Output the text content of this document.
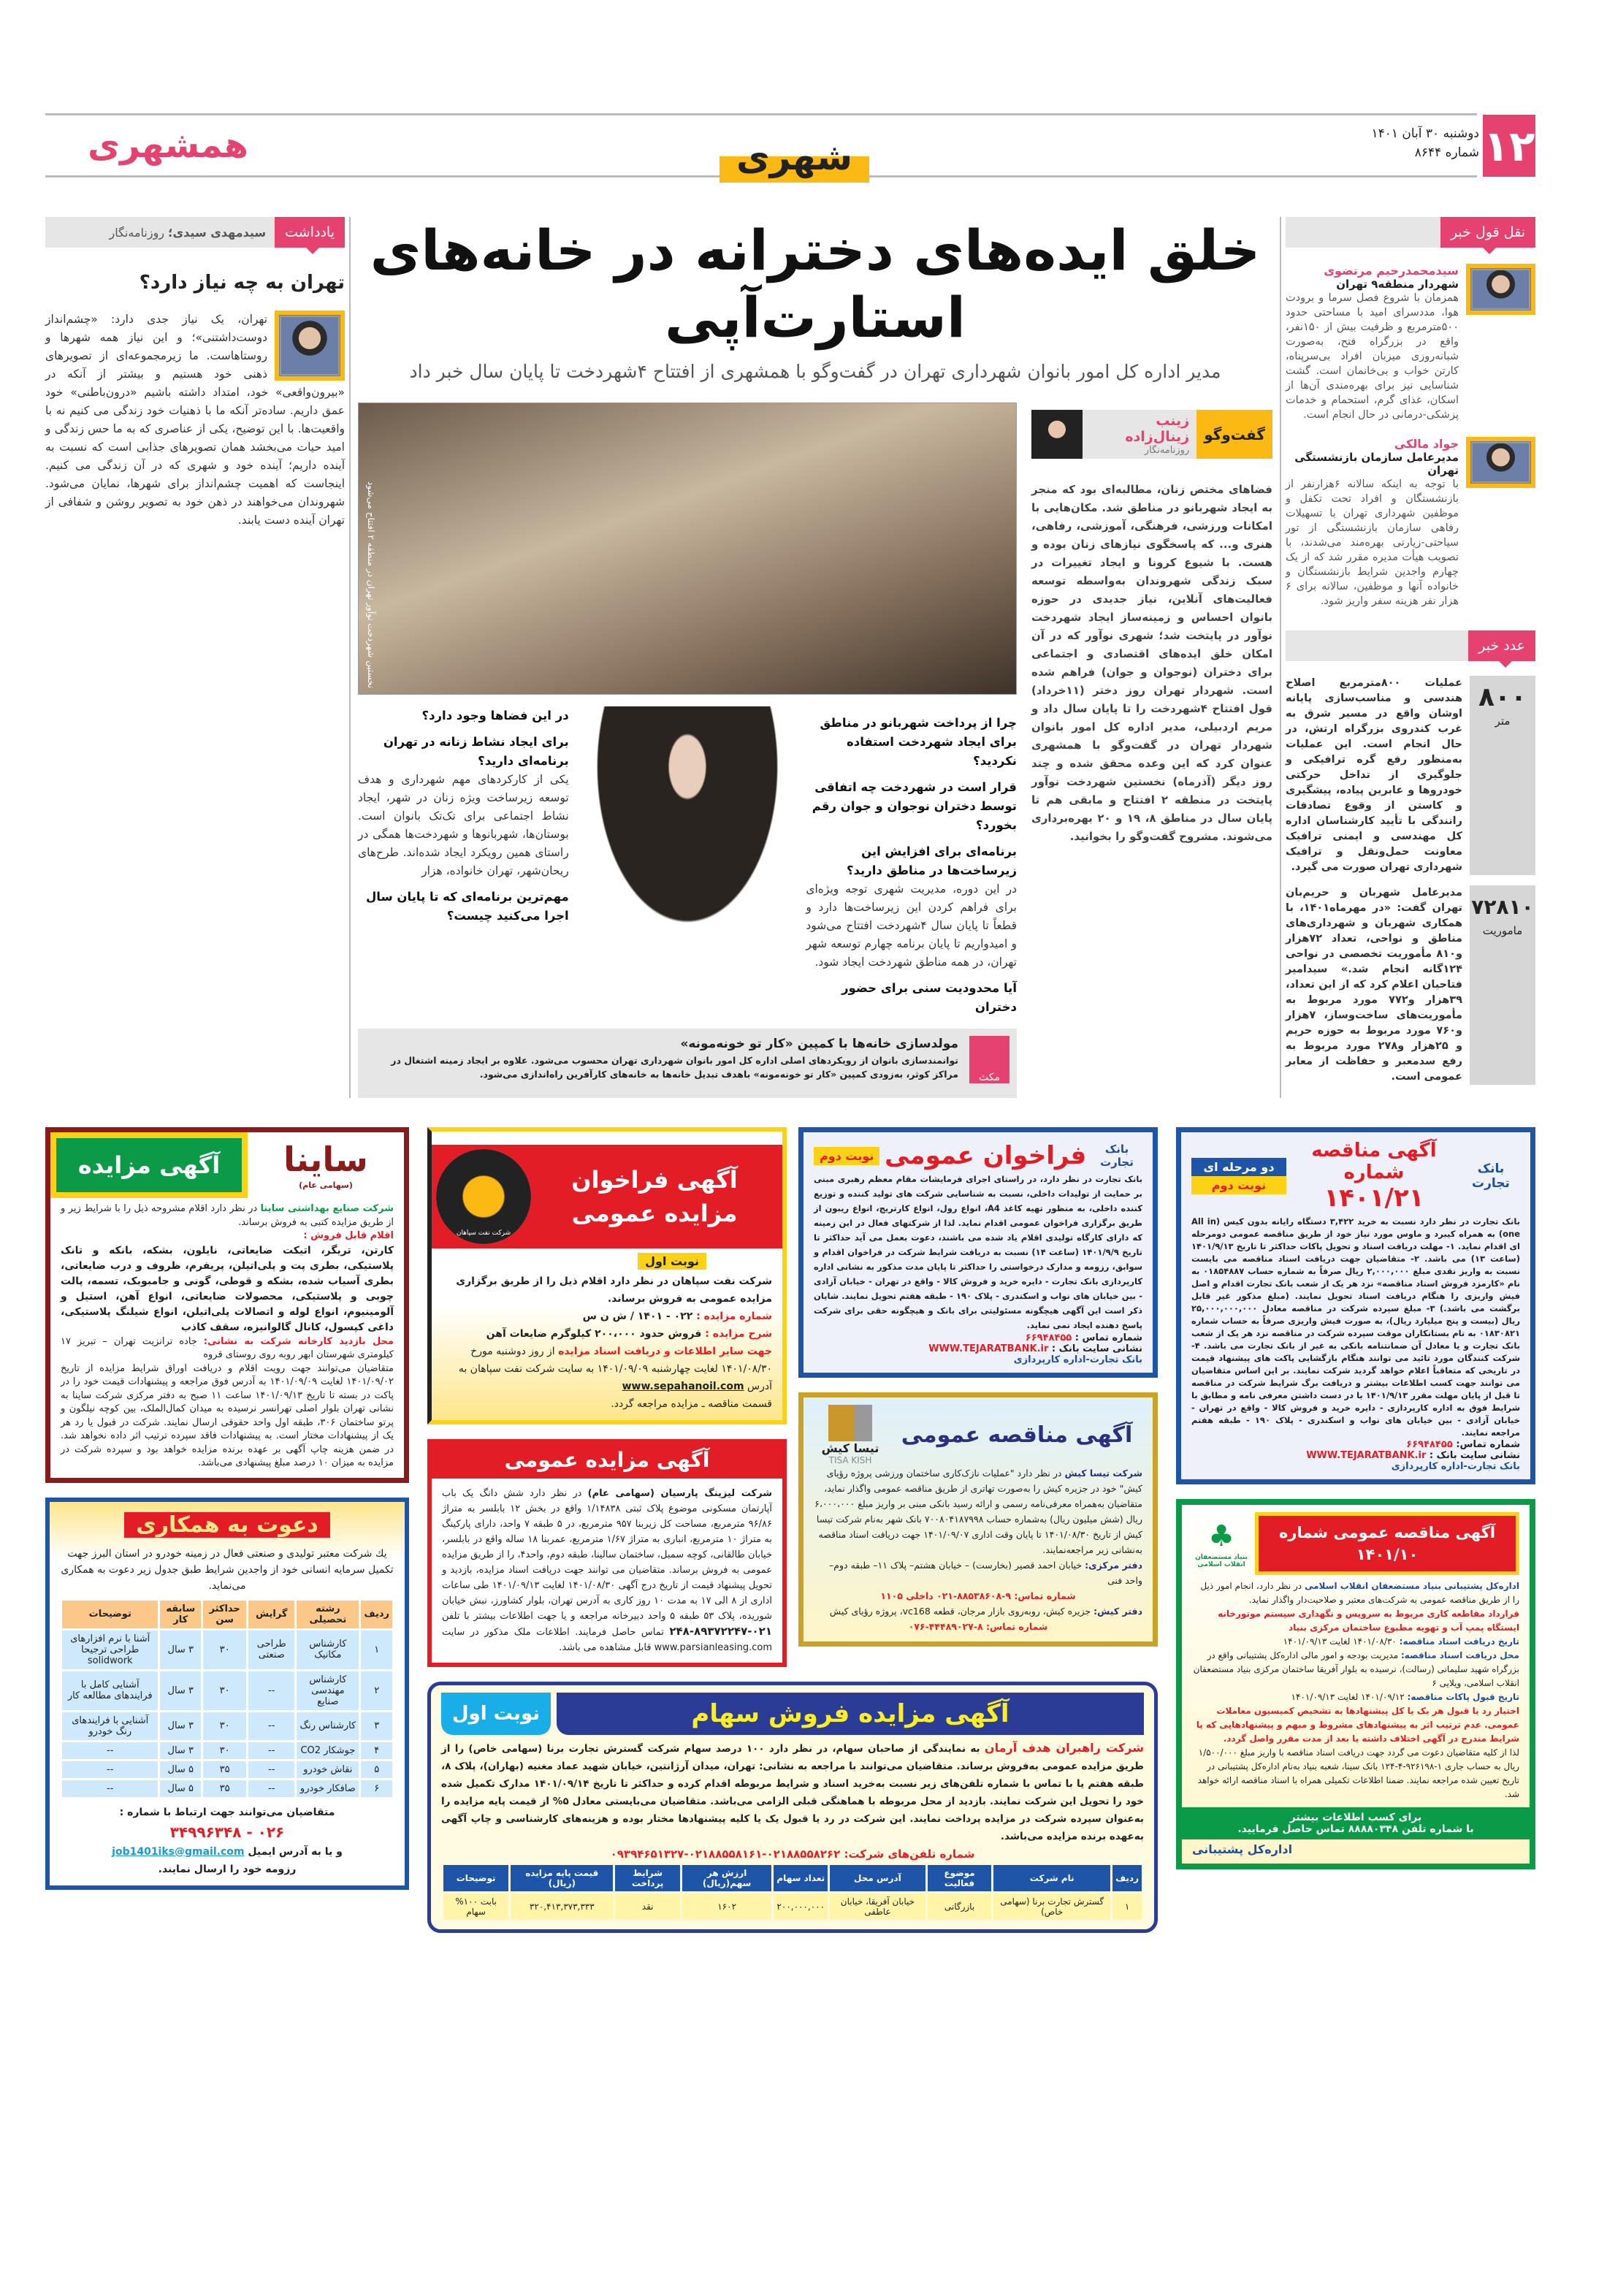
۱۲
دوشنبه ۳۰ آبان ۱۴۰۱
شماره ۸۶۴۴
همشهری	شهری
نقل قول خبر
سیدمحمدرحیم مرتضوی
شهردار منطقه۹ تهران

همزمان با شروع فصل سرما و برودت هوا، مددسرای امید با مساحتی حدود ۵۰۰مترمربع و ظرفیت بیش از ۱۵۰نفر، واقع در بزرگراه فتح، به‌صورت شبانه‌روزی میزبان افراد بی‌سرپناه، کارتن خواب و بی‌خانمان است. گشت شناسایی نیز برای بهره‌مندی آن‌ها از اسکان، غذای گرم، استحمام و خدمات پزشکی-درمانی در حال انجام است.

جواد مالکی
مدیرعامل سازمان بازنشستگی تهران

با توجه به اینکه سالانه ۶هزارنفر از بازنشستگان و افراد تحت تکفل و موظفین شهرداری تهران با تسهیلات رفاهی سازمان بازنشستگی از تور سیاحتی-زیارتی بهره‌مند می‌شدند، با تصویب هیأت مدیره مقرر شد که از یک چهارم واجدین شرایط بازنشستگان و خانواده آنها و موظفین، سالانه برای ۶ هزار نفر هزینه سفر واریز شود.

عدد خبر
۸۰۰
متر

عملیات ۸۰۰مترمربع اصلاح هندسی و مناسب‌سازی پایانه اوشان واقع در مسیر شرق به غرب کندروی بزرگراه ارتش، در حال انجام است. این عملیات به‌منظور رفع گره ترافیکی و جلوگیری از تداخل حرکتی خودروها و عابرین پیاده، پیشگیری و کاستن از وقوع تصادفات رانندگی با تأیید کارشناسان اداره کل مهندسی و ایمنی ترافیک معاونت حمل‌ونقل و ترافیک شهرداری تهران صورت می گیرد.

۷۲۸۱۰
ماموریت

مدیرعامل شهربان و حریم‌بان تهران گفت: «در مهرماه۱۴۰۱، با همکاری شهربان و شهرداری‌های مناطق و نواحی، تعداد ۷۲هزار و۸۱۰ مأموریت تخصصی در نواحی ۱۲۴گانه انجام شد.» سیدامیر فتاحیان اعلام کرد که از این تعداد، ۳۹هزار و۷۷۲ مورد مربوط به مأموریت‌های ساخت‌وساز، ۷هزار و۷۶۰ مورد مربوط به حوزه حریم و ۲۵هزار و۲۷۸ مورد مربوط به رفع سدمعبر و حفاظت از معابر عمومی است.

خلق ایده‌های دخترانه در خانه‌های استارت‌آپی
مدیر اداره کل امور بانوان شهرداری تهران در گفت‌وگو با همشهری از افتتاح ۴شهردخت تا پایان سال خبر داد
گفت‌وگو
زینب زینال‌زاده
روزنامه‌نگار

فضاهای مختص زنان، مطالبه‌ای بود که منجر به ایجاد شهربانو در مناطق شد. مکان‌هایی با امکانات ورزشی، فرهنگی، آموزشی، رفاهی، هنری و... که پاسخگوی نیازهای زنان بوده و هست. با شیوع کرونا و ایجاد تغییرات در سبک زندگی شهروندان به‌واسطه توسعه فعالیت‌های آنلاین، نیاز جدیدی در حوزه بانوان احساس و زمینه‌ساز ایجاد شهردخت نوآور در پایتخت شد؛ شهری نوآور که در آن امکان خلق ایده‌های اقتصادی و اجتماعی برای دختران (نوجوان و جوان) فراهم شده است. شهردار تهران روز دختر (۱۱خرداد) قول افتتاح ۴شهردخت را تا پایان سال داد و مریم اردبیلی، مدیر اداره کل امور بانوان شهردار تهران در گفت‌وگو با همشهری عنوان کرد که این وعده محقق شده و چند روز دیگر (آذرماه) نخستین شهردخت نوآور پایتخت در منطقه ۲ افتتاح و مابقی هم تا پایان سال در مناطق ۸، ۱۹ و ۲۰ بهره‌برداری می‌شوند. مشروح گفت‌وگو را بخوانید.

نخستین شهردخت نوآور تهران در منطقه ۲ افتتاح می‌شود
چرا از پرداخت شهربانو در مناطق برای ایجاد شهردخت استفاده نکردید؟
قرار است در شهردخت چه اتفاقی توسط دختران نوجوان و جوان رقم بخورد؟
برنامه‌ای برای افزایش این زیرساخت‌ها در مناطق دارید؟

در این دوره، مدیریت شهری توجه ویژه‌ای برای فراهم کردن این زیرساخت‌ها دارد و قطعاً تا پایان سال ۴شهردخت افتتاح می‌شود و امیدواریم تا پایان برنامه چهارم توسعه شهر تهران، در همه مناطق شهردخت ایجاد شود.

آیا محدودیت سنی برای حضور دختران
در این فضاها وجود دارد؟
برای ایجاد نشاط زنانه در تهران برنامه‌ای دارید؟

یکی از کارکردهای مهم شهرداری و هدف توسعه زیرساخت ویژه زنان در شهر، ایجاد نشاط اجتماعی برای تک‌تک بانوان است. بوستان‌ها، شهربانوها و شهردخت‌ها همگی در راستای همین رویکرد ایجاد شده‌اند. طرح‌های ریحان‌شهر، تهران خانواده، هزار

مهم‌ترین برنامه‌ای که تا پایان سال اجرا می‌کنید چیست؟
مکث
مولدسازی خانه‌ها با کمپین «کار تو خونه‌مونه»

توانمندسازی بانوان از رویکردهای اصلی اداره کل امور بانوان شهرداری تهران محسوب می‌شود. علاوه بر ایجاد زمینه اشتغال در مراکز کوثر، به‌زودی کمپین «کار تو خونه‌مونه» باهدف تبدیل خانه‌ها به خانه‌های کارآفرین راه‌اندازی می‌شود.

یادداشت
سیدمهدی سیدی؛ روزنامه‌نگار
تهران به چه نیاز دارد؟

تهران، یک نیاز جدی دارد: «چشم‌انداز دوست‌داشتنی»؛ و این نیاز همه شهرها و روستاهاست. ما زیرمجموعه‌ای از تصویرهای ذهنی خود هستیم و بیشتر از آنکه در «بیرون‌واقعی» خود، امتداد داشته باشیم «درون‌باطنی» خود عمق داریم. ساده‌تر آنکه ما با ذهنیات خود زندگی می کنیم نه با واقعیت‌ها. با این توضیح، یکی از عناصری که به ما حس زندگی و امید حیات می‌بخشد همان تصویرهای جذابی است که نسبت به آینده داریم؛ آینده خود و شهری که در آن زندگی می کنیم. اینجاست که اهمیت چشم‌انداز برای شهرها، نمایان می‌شود. شهروندان می‌خواهند در ذهن خود به تصویر روشن و شفافی از تهران آینده دست یابند.

بانک تجارت
آگهی مناقصه شماره
۱۴۰۱/۲۱
دو مرحله ای
نوبت دوم

بانک تجارت در نظر دارد نسبت به خرید ۳,۴۲۲ دستگاه رایانه بدون کیس (All in one) به همراه کیبرد و ماوس مورد نیاز خود از طریق مناقصه عمومی دومرحله ای اقدام نماید. ۱- مهلت دریافت اسناد و تحویل پاکات حداکثر تا تاریخ ۱۴۰۱/۹/۱۳ (ساعت ۱۳) می باشد. ۲- متقاضیان جهت دریافت اسناد مناقصه می بایست نسبت به واریز نقدی مبلغ ۲,۰۰۰,۰۰۰ ریال صرفاً به شماره حساب ۰۱۸۵۴۸۸۷ به نام «کارمزد فروش اسناد مناقصه» نزد هر یک از شعب بانک تجارت اقدام و اصل فیش واریزی را هنگام دریافت اسناد تحویل نمایند. (مبلغ مذکور غیر قابل برگشت می باشد.) ۳- مبلغ سپرده شرکت در مناقصه معادل ۲۵,۰۰۰,۰۰۰,۰۰۰ ریال (بیست و پنج میلیارد ریال)، به صورت فیش واریزی صرفاً به حساب شماره ۰۱۸۳۰۸۲۱ به نام بستانکاران موقت سپرده شرکت در مناقصه نزد هر یک از شعب بانک تجارت و یا معادل آن ضمانتنامه بانکی به غیر از بانک تجارت می باشد. ۴- شرکت کنندگان مورد تائید می توانند هنگام بازگشایی پاکت های پیشنهاد قیمت در تاریخی که متعاقباً اعلام خواهد گردید شرکت نمایند. بر این اساس متقاضیان می توانند جهت کسب اطلاعات بیشتر و دریافت برگ شرایط شرکت در مناقصه تا قبل از پایان مهلت مقرر ۱۴۰۱/۹/۱۳ با در دست داشتن معرفی نامه و مطابق با شرایط فوق به اداره کارپردازی - دایره خرید و فروش کالا - واقع در تهران - خیابان آزادی - بین خیابان های نواب و اسکندری - پلاک ۱۹۰ - طبقه هفتم مراجعه نمایند.

شماره تماس: ۶۶۹۴۸۴۵۵
نشانی سایت بانک : WWW.TEJARATBANK.ir
بانک تجارت-اداره کارپردازی
آگهی مناقصه عمومی شماره ۱۴۰۱/۱۰
♣
بنیاد مستضعفان انقلاب اسلامی

اداره‌کل پشتیبانی بنیاد مستضعفان انقلاب اسلامی در نظر دارد، انجام امور ذیل را از طریق مناقصه عمومی به شرکت‌های معتبر و صلاحیت‌دار واگذار نماید.

قرارداد مقاطعه کاری مربوط به سرویس و نگهداری سیستم موتورخانه ایستگاه پمپ آب و تهویه مطبوع ساختمان مرکزی بنیاد

تاریخ دریافت اسناد مناقصه: ۱۴۰۱/۰۸/۳۰ لغایت ۱۴۰۱/۰۹/۱۳

محل دریافت اسناد مناقصه: مدیریت بودجه و امور مالی اداره‌کل پشتیبانی واقع در بزرگراه شهید سلیمانی (رسالت)، نرسیده به بلوار آفریقا ساختمان مرکزی بنیاد مستضعفان انقلاب اسلامی، ویلایی ۶

تاریخ قبول پاکات مناقصه: ۱۴۰۱/۰۹/۱۲ لغایت ۱۴۰۱/۰۹/۱۳

اختیار رد یا قبول هر یک یا کل پیشنهادها به تشخیص کمیسیون معاملات عمومی. عدم ترتیب اثر به پیشنهادهای مشروط و مبهم و پیشنهادهایی که با شرایط مندرج در آگهی اختلاف داشته یا بعد از مدت مقرر واصل گردد.

لذا از کلیه متقاضیان دعوت می گردد جهت دریافت اسناد مناقصه با واریز مبلغ ۱/۵۰۰/۰۰۰ ریال به حساب جاری ۱-۹۲۶۱۹۸-۴-۱۲۴ بانک سینا، شعبه بنیاد به‌نام اداره‌کل پشتیبانی در تاریخ تعیین شده مراجعه نمایند. ضمنا اطلاعات تکمیلی همراه با اسناد مناقصه ارائه خواهد شد.

برای کسب اطلاعات بیشتر
با شماره تلفن ۸۸۸۸۰۳۴۸ تماس حاصل فرمایید.
اداره‌کل پشتیبانی
بانک تجارت
فراخوان عمومی
نوبت دوم

بانک تجارت در نظر دارد، در راستای اجرای فرمایشات مقام معظم رهبری مبنی بر حمایت از تولیدات داخلی، نسبت به شناسایی شرکت های تولید کننده و توزیع کننده داخلی، به منظور تهیه کاغذ A4، انواع رول، انواع کارتریج، انواع ریبون از طریق برگزاری فراخوان عمومی اقدام نماید. لذا از شرکتهای فعال در این زمینه که دارای کارگاه تولیدی اقلام یاد شده می باشند، دعوت بعمل می آید حداکثر تا تاریخ ۱۴۰۱/۹/۹ (ساعت ۱۴) نسبت به دریافت شرایط شرکت در فراخوان اقدام و سوابق، رزومه و مدارک درخواستی را حداکثر تا پایان مدت مذکور به نشانی اداره کارپردازی بانک تجارت - دایره خرید و فروش کالا - واقع در تهران - خیابان آزادی - بین خیابان های نواب و اسکندری - پلاک ۱۹۰ - طبقه هفتم تحویل نمایند. شایان ذکر است این آگهی هیچگونه مسئولیتی برای بانک و هیچگونه حقی برای شرکت پاسخ دهنده ایجاد نمی نماید.

شماره تماس : ۶۶۹۴۸۴۵۵
نشانی سایت بانک : WWW.TEJARATBANK.ir
بانک تجارت-اداره کارپردازی
آگهی مناقصه عمومی
تیسا کیش
TISA KISH

شرکت تیسا کیش در نظر دارد "عملیات نازک‌کاری ساختمان ورزشی پروژه رؤیای کیش" خود در جزیره کیش را به‌صورت تهاتری از طریق مناقصه عمومی واگذار نماید، متقاضیان به‌همراه معرفی‌نامه رسمی و ارائه رسید بانکی مبنی بر واریز مبلغ ۶،۰۰۰،۰۰۰ ریال (شش میلیون ریال) به‌شماره حساب ۷۰۰۸۰۴۱۸۷۹۹۸ بانک شهر به‌نام شرکت تیسا کیش از تاریخ ۱۴۰۱/۰۸/۳۰ تا پایان وقت اداری ۱۴۰۱/۰۹/۰۷ جهت دریافت اسناد مناقصه به‌نشانی زیر مراجعه‌نمایند.

دفتر مرکزی: خیابان احمد قصیر (بخارست) – خیابان هشتم– پلاک ۱۱– طبقه دوم– واحد فنی

شماره تماس: ۹-۸۸۵۳۸۶۰۸-۰۲۱ داخلی ۱۱۰۵

دفتر کیش: جزیره کیش، روبه‌روی بازار مرجان، قطعه vc168، پروژه رؤیای کیش

شماره تماس: ۸-۴۴۴۸۹۰۲۷-۰۷۶

آگهی فراخوان
مزایده عمومی
شرکت نفت سپاهان
نوبت اول

شرکت نفت سپاهان در نظر دارد اقلام ذیل را از طریق برگزاری مزایده عمومی به فروش برساند.

شماره مزایده : ۰۲۲ - ۱۴۰۱ / ش ن س

شرح مزایده : فروش حدود ۲۰۰،۰۰۰ کیلوگرم ضایعات آهن

جهت سایر اطلاعات و دریافت اسناد مزایده از روز دوشنبه مورخ ۱۴۰۱/۰۸/۳۰ لغایت چهارشنبه ۱۴۰۱/۰۹/۰۹ به سایت شرکت نفت سپاهان به آدرس www.sepahanoil.com

قسمت مناقصه ـ مزایده مراجعه گردد.

آگهی مزایده عمومی

شرکت لیزینگ پارسیان (سهامی عام) در نظر دارد شش دانگ یک باب آپارتمان مسکونی موضوع پلاک ثبتی ۱/۱۴۸۳۸ واقع در بخش ۱۲ بابلسر به متراژ ۹۶/۸۶ مترمربع، مساحت کل زیربنا ۹۵۷ مترمربع، در ۵ طبقه ۷ واحد، دارای پارکینگ به متراژ ۱۰ مترمربع، انباری به متراژ ۱/۶۷ مترمربع، عمربنا ۱۸ ساله واقع در بابلسر، خیابان طالقانی، کوچه سمبل، ساختمان سالینا، طبقه دوم، واحد۴، را از طریق مزایده عمومی به فروش برساند. متقاضیان می توانند جهت دریافت اسناد مزایده، بازدید و تحویل پیشنهاد قیمت از تاریخ درج آگهی ۱۴۰۱/۰۸/۳۰ لغایت ۱۴۰۱/۰۹/۱۳ طی ساعات اداری از ۸ الی ۱۷ به مدت ۱۰ روز کاری به آدرس تهران، بلوار کشاورز، نبش خیابان شوریده، پلاک ۵۳ طبقه ۵ واحد دبیرخانه مراجعه و یا جهت اطلاعات بیشتر با تلفن ۰۲۱-۸۹۳۷۲۲۴۷-۲۴۸ تماس حاصل فرمایند. اطلاعات ملک مذکور در سایت www.parsianleasing.com قابل مشاهده می باشد.

آگهی مزایده فروش سهام
نوبت اول

شرکت راهبران هدف آرمان به نمایندگی از صاحبان سهام، در نظر دارد ۱۰۰ درصد سهام شرکت گسترش تجارت برنا (سهامی خاص) را از طریق مزایده عمومی به‌فروش برساند. متقاضیان می‌توانند با مراجعه به نشانی: تهران، میدان آرژانتین، خیابان شهید عماد مغنیه (بهاران)، پلاک ۸، طبقه هفتم یا با تماس با شماره تلفن‌های زیر نسبت به‌خرید اسناد و شرایط مربوطه اقدام کرده و حداکثر تا تاریخ ۱۴۰۱/۰۹/۱۴ مدارک تکمیل شده خود را تحویل این شرکت نمایند. بازدید از محل مربوطه با هماهنگی قبلی الزامی می‌باشد. متقاضیان می‌بایستی معادل ۵% از قیمت پایه مزایده را به‌عنوان سپرده شرکت در مزایده پرداخت نمایند. این شرکت در رد یا قبول یک یا کلیه پیشنهادها مختار بوده و هزینه‌های کارشناسی و چاپ آگهی به‌عهده برنده مزایده می‌باشد.

شماره تلفن‌های شرکت: ۰۲۱۸۸۵۵۸۲۶۲-۰۲۱۸۸۵۵۸۱۶۱-۰۹۳۹۴۶۵۱۳۲۷

ردیف	نام شرکت	موضوع فعالیت	آدرس محل	تعداد سهام	ارزش هر سهم(ریال)	شرایط پرداخت	قیمت پایه مزایده (ریال)	توضیحات
۱	گسترش تجارت برنا (سهامی خاص)	بازرگانی	خیابان آفریقا، خیابان عاطفی	۲۰۰,۰۰۰,۰۰۰	۱۶۰۲	نقد	۳۲۰,۴۱۳,۳۷۳,۳۳۳	بابت ۱۰۰% سهام
ساینا
(سهامی عام)
آگهی مزایده

شرکت صنایع بهداشتی ساینا در نظر دارد اقلام مشروحه ذیل را با شرایط زیر و از طریق مزایده کتبی به فروش برساند.

اقلام قابل فروش :

کارتن، تریگر، اتیکت ضایعاتی، نایلون، بشکه، بانکه و تانک پلاستیکی، بطری پت و پلی‌اتیلن، پریفرم، ظروف و درب ضایعاتی، بطری آسیاب شده، بشکه و قوطی، گونی و جامبوبک، تسمه، پالت چوبی و پلاستیکی، محصولات ضایعاتی، انواع آهن، استیل و آلومینیوم، انواع لوله و اتصالات پلی‌اتیلن، انواع شیلنگ پلاستیکی، داغی کپسول، کانال گالوانیزه، سقف کاذب

محل بازدید کارخانه شرکت به نشانی: جاده ترانزیت تهران – تبریز ۱۷ کیلومتری شهرستان ابهر روبه روی روستای قروه

متقاضیان می‌توانند جهت رویت اقلام و دریافت اوراق شرایط مزایده از تاریخ ۱۴۰۱/۰۹/۰۲ لغایت ۱۴۰۱/۰۹/۰۹ به آدرس فوق مراجعه و پیشنهادات قیمت خود را در پاکت در بسته تا تاریخ ۱۴۰۱/۰۹/۱۳ ساعت ۱۱ صبح به دفتر مرکزی شرکت ساینا به نشانی تهران بلوار اصلی تهرانسر نرسیده به میدان کمال‌الملک، بین کوچه نیلگون و پرتو ساختمان ۳۰۶، طبقه اول واحد حقوقی ارسال نمایند. شرکت در قبول یا رد هر یک از پیشنهادات مختار است. به پیشنهادات فاقد سپرده ترتیب اثر داده نخواهد شد. در ضمن هزینه چاپ آگهی بر عهده برنده مزایده خواهد بود و سپرده شرکت در مزایده به میزان ۱۰ درصد مبلغ پیشنهادی می‌باشد.

دعوت به همکاری

یك شركت معتبر تولیدی و صنعتی فعال در زمینه خودرو در استان البرز جهت تكمیل سرمایه انسانی خود از واجدین شرایط طبق جدول زیر دعوت به همكاری می‌نماید.

ردیف	رشته تحصیلی	گرایش	حداکثر سن	سابقه کار	توضیحات
۱	کارشناس مکانیک	طراحی صنعتی	۳۰	۳ سال	آشنا با نرم افزارهای طراحی ترجیحا solidwork
۲	کارشناس مهندسی صنایع	--	۳۰	۳ سال	آشنایی کامل با فرایندهای مطالعه کار
۳	کارشناس رنگ	--	۳۰	۳ سال	آشنایی با فرایندهای رنگ خودرو
۴	جوشکار CO2	--	۳۰	۳ سال	--
۵	نقاش خودرو	--	۳۵	۵ سال	--
۶	صافکار خودرو	--	۳۵	۵ سال	--
متقاضیان می‌توانند جهت ارتباط با شماره :
۰۲۶ - ۳۴۹۹۶۳۴۸
و یا به آدرس ایمیل job1401iks@gmail.com
رزومه خود را ارسال نمایند.
